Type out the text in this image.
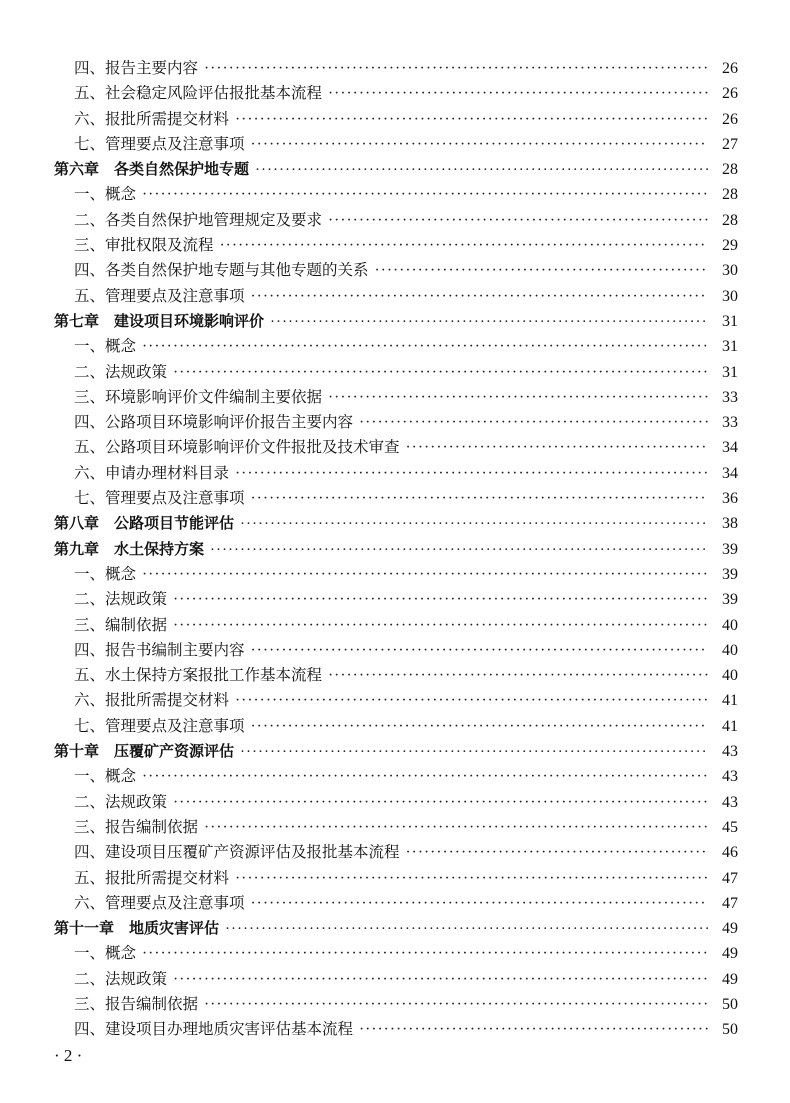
四、报告主要内容 ·····	26
五、社会稳定风险评估报批基本流程 ·····	26
六、报批所需提交材料 ·····	26
七、管理要点及注意事项 ·····	27
第六章　各类自然保护地专题 ·····	28
一、概念 ·····	28
二、各类自然保护地管理规定及要求 ·····	28
三、审批权限及流程 ·····	29
四、各类自然保护地专题与其他专题的关系 ·····	30
五、管理要点及注意事项 ·····	30
第七章　建设项目环境影响评价 ·····	31
一、概念 ·····	31
二、法规政策 ·····	31
三、环境影响评价文件编制主要依据 ·····	33
四、公路项目环境影响评价报告主要内容 ·····	33
五、公路项目环境影响评价文件报批及技术审查 ·····	34
六、申请办理材料目录 ·····	34
七、管理要点及注意事项 ·····	36
第八章　公路项目节能评估 ·····	38
第九章　水土保持方案 ·····	39
一、概念 ·····	39
二、法规政策 ·····	39
三、编制依据 ·····	40
四、报告书编制主要内容 ·····	40
五、水土保持方案报批工作基本流程 ·····	40
六、报批所需提交材料 ·····	41
七、管理要点及注意事项 ·····	41
第十章　压覆矿产资源评估 ·····	43
一、概念 ·····	43
二、法规政策 ·····	43
三、报告编制依据 ·····	45
四、建设项目压覆矿产资源评估及报批基本流程 ·····	46
五、报批所需提交材料 ·····	47
六、管理要点及注意事项 ·····	47
第十一章　地质灾害评估 ·····	49
一、概念 ·····	49
二、法规政策 ·····	49
三、报告编制依据 ·····	50
四、建设项目办理地质灾害评估基本流程 ·····	50
· 2 ·
